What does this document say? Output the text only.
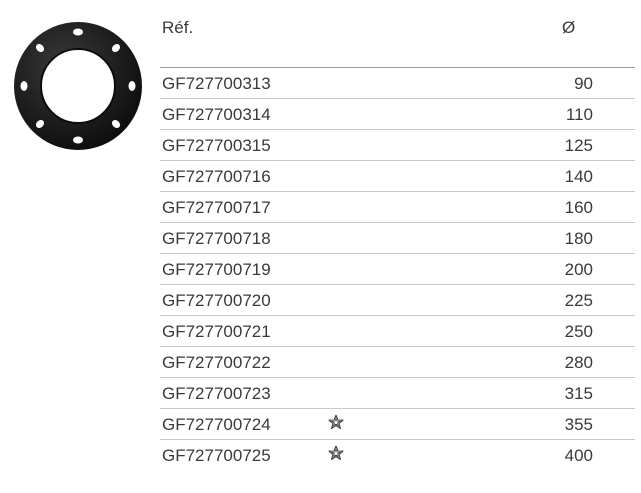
Réf.	Ø
GF727700313	90
GF727700314	110
GF727700315	125
GF727700716	140
GF727700717	160
GF727700718	180
GF727700719	200
GF727700720	225
GF727700721	250
GF727700722	280
GF727700723	315
GF727700724	355
GF727700725	400
